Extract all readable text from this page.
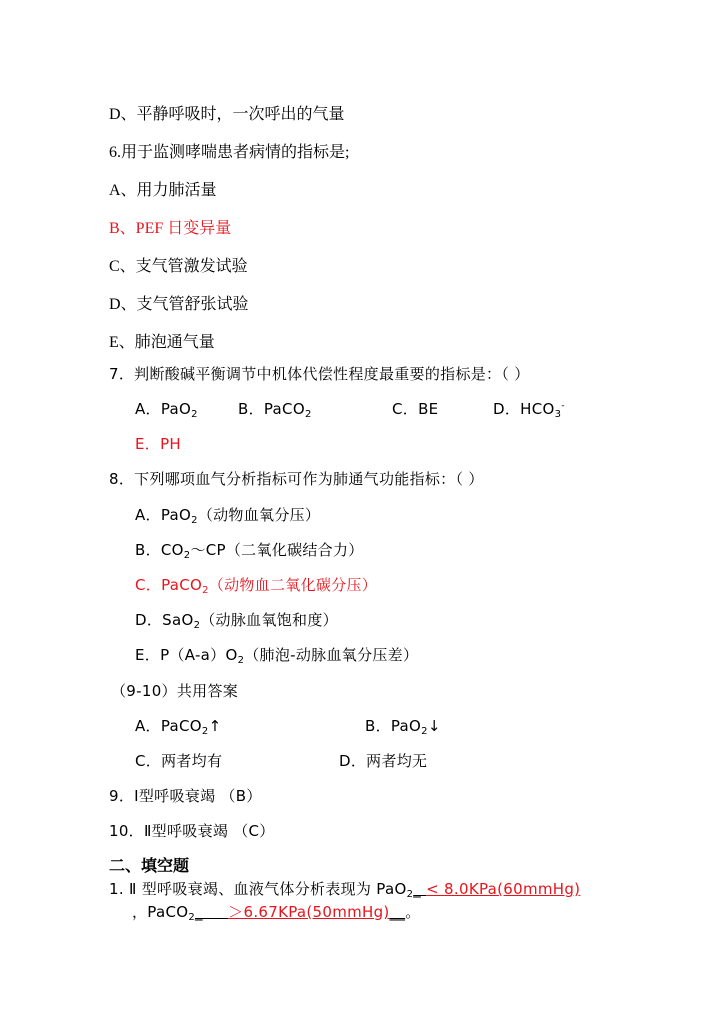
D、平静呼吸时，一次呼出的气量
6.用于监测哮喘患者病情的指标是;
A、用力肺活量
B、PEF 日变异量
C、支气管激发试验
D、支气管舒张试验
E、肺泡通气量
7．判断酸碱平衡调节中机体代偿性程度最重要的指标是：（ ）
A．PaO$_2$	B．PaCO$_2$	C．BE	D．$HCO_3^-$
E．PH
8．下列哪项血气分析指标可作为肺通气功能指标：（ ）
A．PaO$_2$（动物血氧分压）
B．$CO_2\sim CP$（二氧化碳结合力）
C．PaCO$_2$（动物血二氧化碳分压）
D．SaO$_2$（动脉血氧饱和度）
E．$P(A-a)O_2$（肺泡-动脉血氧分压差）
（9-10）共用答案
A．PaCO$_2$↑	B．PaO$_2$↓
C．两者均有	D．两者均无
9．Ⅰ型呼吸衰竭 （B）
10．Ⅱ型呼吸衰竭 （C）
二、填空题
1. Ⅱ 型呼吸衰竭、血液气体分析表现为 PaO$_2$_ < 8.0KPa(60mmHg)
，PaCO$_2$_     ＞6.67KPa(50mmHg)__。
